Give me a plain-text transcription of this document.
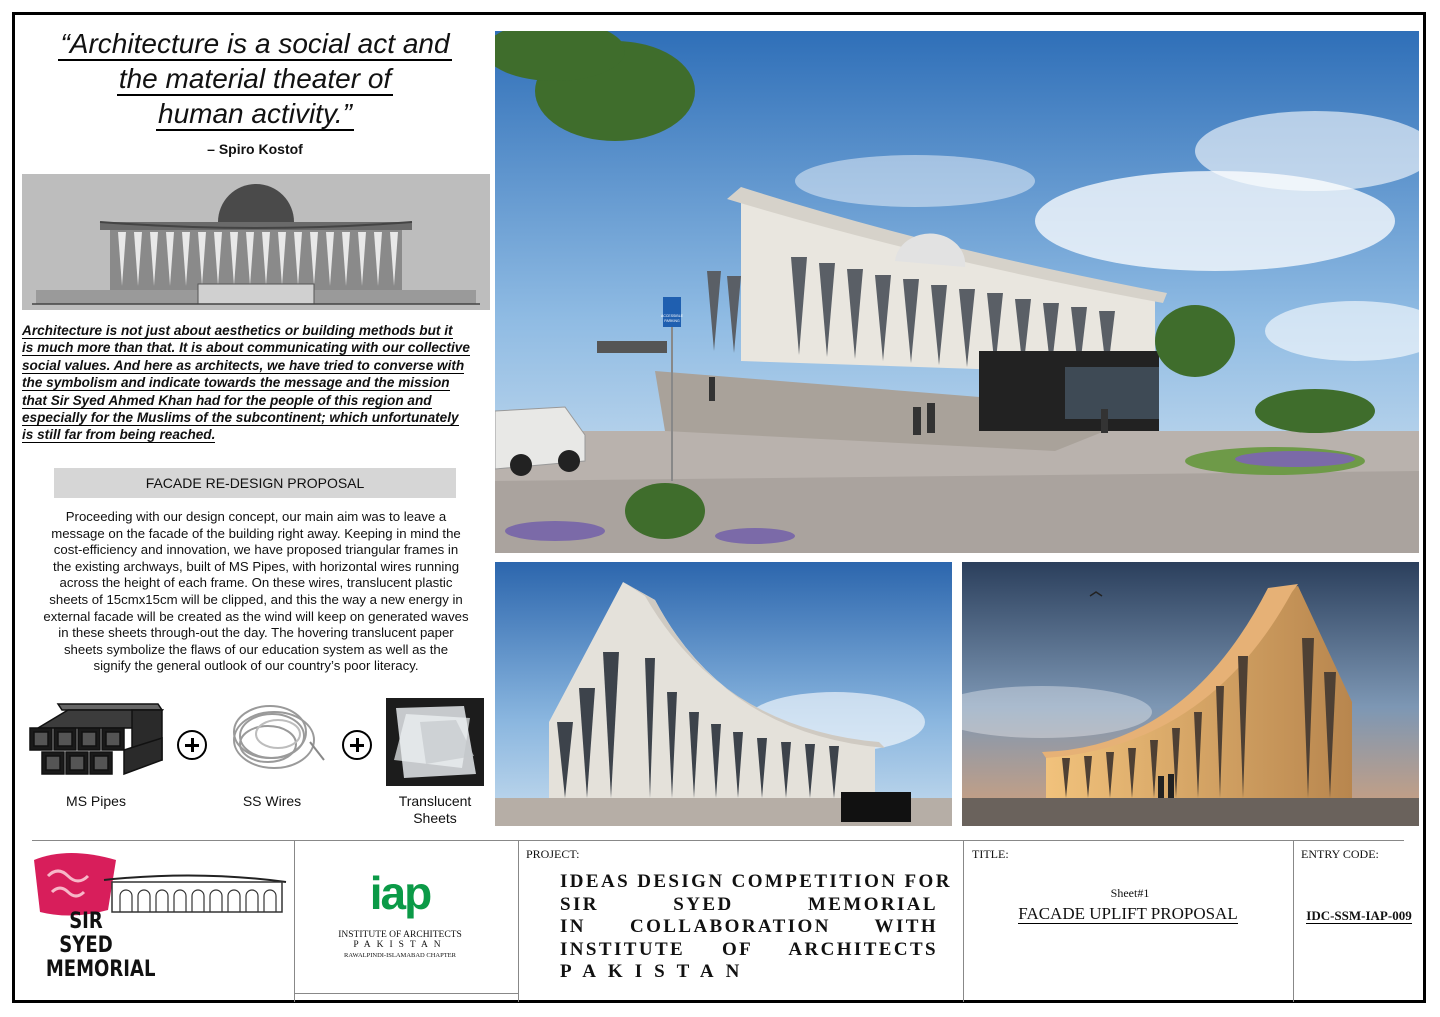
“Architecture is a social act and
the material theater of
human activity.”
– Spiro Kostof
Architecture is not just about aesthetics or building methods but it
is much more than that. It is about communicating with our collective
social values. And here as architects, we have tried to converse with
the symbolism and indicate towards the message and the mission
that Sir Syed Ahmed Khan had for the people of this region and
especially for the Muslims of the subcontinent; which unfortunately
is still far from being reached.
FACADE RE-DESIGN PROPOSAL
Proceeding with our design concept, our main aim was to leave a
message on the facade of the building right away. Keeping in mind the
cost-efficiency and innovation, we have proposed triangular frames in
the existing archways, built of MS Pipes, with horizontal wires running
across the height of each frame. On these wires, translucent plastic
sheets of 15cmx15cm will be clipped, and this the way a new energy in
external facade will be created as the wind will keep on generated waves
in these sheets through-out the day. The hovering translucent paper
sheets symbolize the flaws of our education system as well as the
signify the general outlook of our country’s poor literacy.
MS Pipes	SS Wires	Translucent Sheets
ACCESSIBLE
PARKING
SIR
SYED
MEMORIAL
iap
INSTITUTE OF ARCHITECTS
PAKISTAN
RAWALPINDI-ISLAMABAD CHAPTER
PROJECT:
IDEAS DESIGN COMPETITION FOR
SIR SYED MEMORIAL
IN COLLABORATION WITH
INSTITUTE OF ARCHITECTS
PAKISTAN
TITLE:
Sheet#1
FACADE UPLIFT PROPOSAL
ENTRY CODE:
IDC-SSM-IAP-009
